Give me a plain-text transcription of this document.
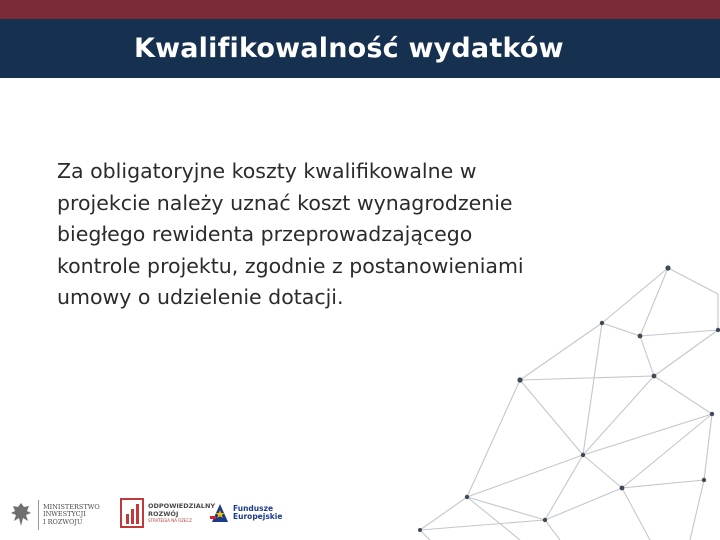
Kwalifikowalność wydatków
Za obligatoryjne koszty kwalifikowalne w projekcie należy uznać koszt wynagrodzenie biegłego rewidenta przeprowadzającego kontrole projektu, zgodnie z postanowieniami umowy o udzielenie dotacji.
MINISTERSTWO
INWESTYCJI
I ROZWOJU
ODPOWIEDZIALNY
ROZWÓJ
STRATEGIA NA RZECZ
Fundusze
Europejskie
